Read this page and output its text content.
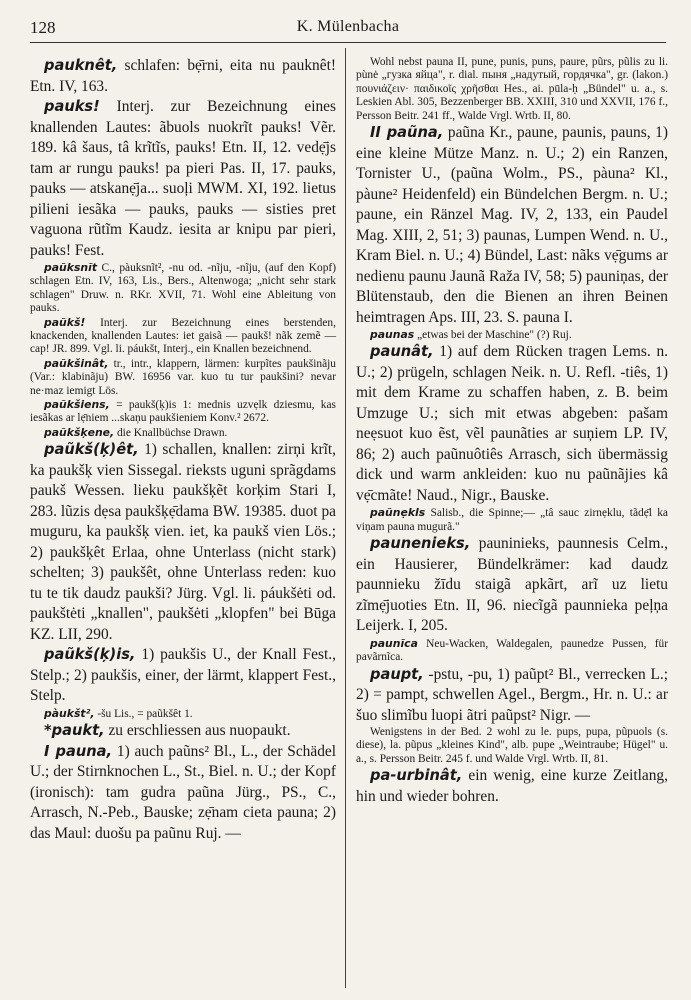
128	K. Mülenbacha

pauknêt, schlafen: bẹ̄rni, eita nu pauknêt! Etn. IV, 163.

pauks! Interj. zur Bezeichnung eines knallenden Lautes: ãbuols nuokrĩt pauks! Vẽr. 189. kâ šaus, tâ krĩtĩs, pauks! Etn. II, 12. vedẹ̄js tam ar rungu pauks! pa pieri Pas. II, 17. pauks, pauks — atskanẹ̄ja... suoļi MWM. XI, 192. lietus pilieni iesãka — pauks, pauks — sisties pret vaguona rũtĩm Kaudz. iesita ar knipu par pieri, pauks! Fest.

paũksnĩt C., pàuksnĩt², -nu od. -nĩju, -nĩju, (auf den Kopf) schlagen Etn. IV, 163, Lis., Bers., Altenwoga; „nicht sehr stark schlagen" Druw. n. RKr. XVII, 71. Wohl eine Ableitung von pauks.

paũkš! Interj. zur Bezeichnung eines berstenden, knackenden, knallenden Lautes: iet gaisã — paukš! nãk zemẽ — cap! JR. 899. Vgl. li. páukšt, Interj., ein Knallen bezeichnend.

paũkšinât, tr., intr., klappern, lärmen: kurpĩtes paukšinãju (Var.: klabinãju) BW. 16956 var. kuo tu tur paukšini? nevar ne·maz iemigt Lös.

paũkšiens, = paukš(ķ)is 1: mednis uzvẹlk dziesmu, kas iesãkas ar lẹ̄niem ...skaņu paukšieniem Konv.² 2672.

paũkšķene, die Knallbüchse Drawn.

paũkš(ķ)êt, 1) schallen, knallen: zirņi krĩt, ka paukšķ vien Sissegal. rieksts uguni sprãgdams paukš Wessen. lieku paukšķẽt korķim Stari I, 283. lũzis dẹsa paukšķẹ̄dama BW. 19385. duot pa muguru, ka paukšķ vien. iet, ka paukš vien Lös.; 2) paukšķêt Erlaa, ohne Unterlass (nicht stark) schelten; 3) paukšêt, ohne Unterlass reden: kuo tu te tik daudz paukši? Jürg. Vgl. li. páukšėti od. paukštėti „knallen", paukšėti „klopfen" bei Būga KZ. LII, 290.

paũkš(ķ)is, 1) paukšis U., der Knall Fest., Stelp.; 2) paukšis, einer, der lärmt, klappert Fest., Stelp.

pàukšt², -šu Lis., = paũkšêt 1.

*paukt, zu erschliessen aus nuopaukt.

I pauna, 1) auch paũns² Bl., L., der Schädel U.; der Stirnknochen L., St., Biel. n. U.; der Kopf (ironisch): tam gudra paũna Jürg., PS., C., Arrasch, N.-Peb., Bauske; zẹ̄nam cieta pauna; 2) das Maul: duošu pa paũnu Ruj. —

Wohl nebst pauna II, pune, punis, puns, paure, pũrs, pũlis zu li. pùnė „гузка яйца", r. dial. пыня „надутый, гордячка", gr. (lakon.) πουνιάζειν· παιδικοῖς χρῆσθαι Hes., ai. pūla-ḥ „Bündel" u. a., s. Leskien Abl. 305, Bezzenberger BB. XXIII, 310 und XXVII, 176 f., Persson Beitr. 241 ff., Walde Vrgl. Wrtb. II, 80.

II paũna, paũna Kr., paune, paunis, pauns, 1) eine kleine Mütze Manz. n. U.; 2) ein Ranzen, Tornister U., (paũna Wolm., PS., pàuna² Kl., pàune² Heidenfeld) ein Bündelchen Bergm. n. U.; paune, ein Ränzel Mag. IV, 2, 133, ein Paudel Mag. XIII, 2, 51; 3) paunas, Lumpen Wend. n. U., Kram Biel. n. U.; 4) Bündel, Last: nãks vẹ̄gums ar nedienu paunu Jaunã Raža IV, 58; 5) pauniņas, der Blütenstaub, den die Bienen an ihren Beinen heimtragen Aps. III, 23. S. pauna I.

paunas „etwas bei der Maschine" (?) Ruj.

paunât, 1) auf dem Rücken tragen Lems. n. U.; 2) prügeln, schlagen Neik. n. U. Refl. -tiês, 1) mit dem Krame zu schaffen haben, z. B. beim Umzuge U.; sich mit etwas abgeben: pašam neẹsuot kuo ẽst, vẽl paunãties ar suņiem LP. IV, 86; 2) auch paũnuôtiês Arrasch, sich übermässig dick und warm ankleiden: kuo nu paũnãjies kâ vẹ̄cmãte! Naud., Nigr., Bauske.

paũnẹkls Salisb., die Spinne;— „tâ sauc zirnẹklu, tãdẹ̄l ka viņam pauna mugurã."

paunenieks, pauninieks, paunnesis Celm., ein Hausierer, Bündelkrämer: kad daudz paunnieku žīdu staigã apkãrt, arĩ uz lietu zĩmẹ̄juoties Etn. II, 96. niecĩgã paunnieka peļņa Leijerk. I, 205.

paunĩca Neu-Wacken, Waldegalen, paunedze Pussen, für pavãrnĩca.

paupt, -pstu, -pu, 1) paũpt² Bl., verrecken L.; 2) = pampt, schwellen Agel., Bergm., Hr. n. U.: ar šuo slimĩbu luopi ãtri paũpst² Nigr. —

Wenigstens in der Bed. 2 wohl zu le. pups, pupa, pũpuols (s. diese), la. pũpus „kleines Kind", alb. pupe „Weintraube; Hügel" u. a., s. Persson Beitr. 245 f. und Walde Vrgl. Wrtb. II, 81.

pa-urbinât, ein wenig, eine kurze Zeitlang, hin und wieder bohren.
